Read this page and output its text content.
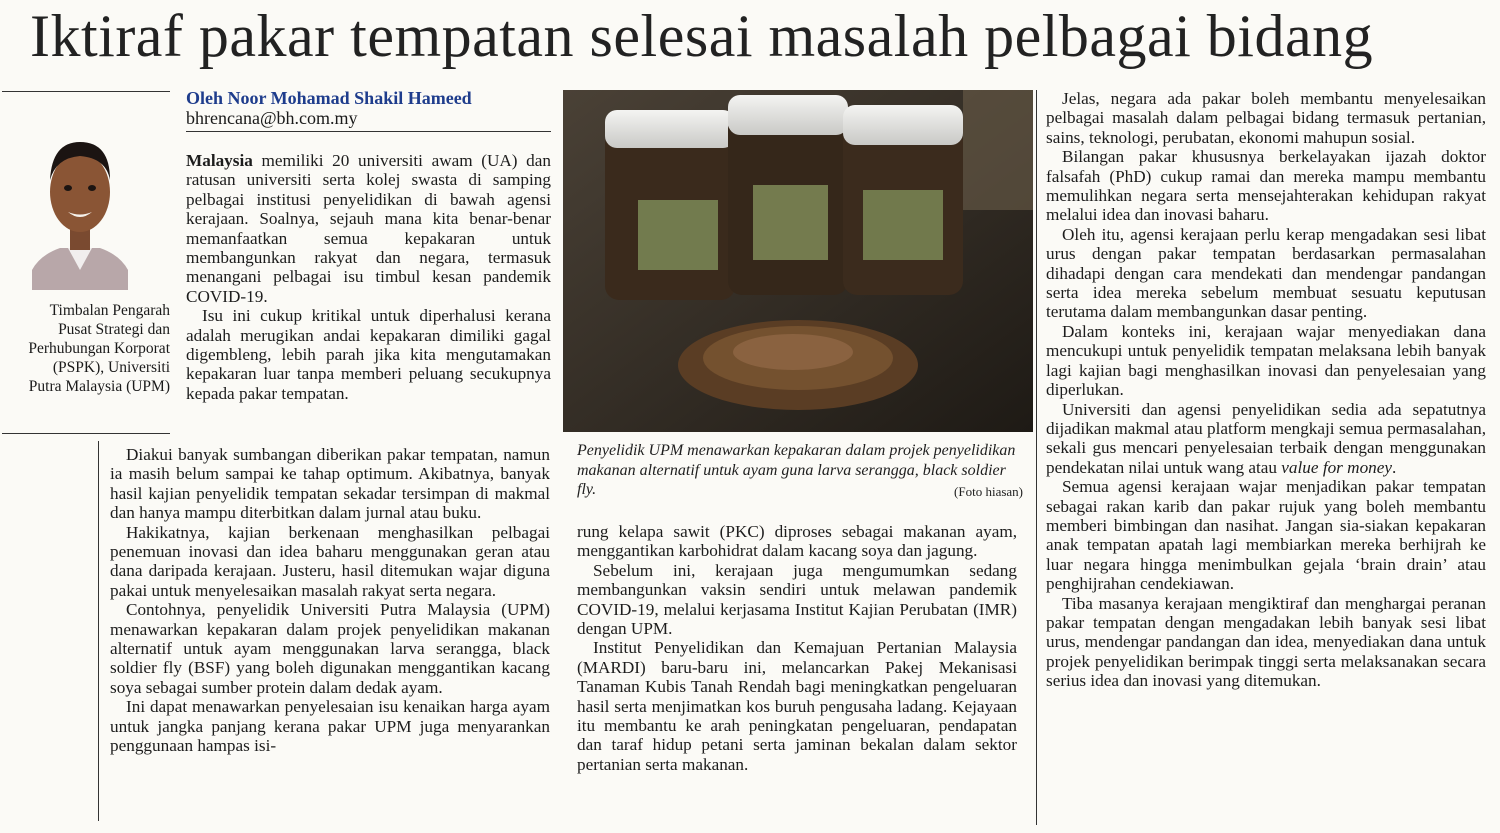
Iktiraf pakar tempatan selesai masalah pelbagai bidang
Oleh Noor Mohamad Shakil Hameed
bhrencana@bh.com.my
Timbalan Pengarah Pusat Strategi dan Perhubungan Korporat (PSPK), Universiti Putra Malaysia (UPM)

Malaysia memiliki 20 universiti awam (UA) dan ratusan universiti serta kolej swasta di samping pelbagai institusi penyelidikan di bawah agensi kerajaan. Soalnya, sejauh mana kita benar-benar memanfaatkan semua kepakaran untuk membangunkan rakyat dan negara, termasuk menangani pelbagai isu timbul kesan pandemik COVID-19.

Isu ini cukup kritikal untuk diperhalusi kerana adalah merugikan andai kepakaran dimiliki gagal digembleng, lebih parah jika kita mengutamakan kepakaran luar tanpa memberi peluang secukupnya kepada pakar tempatan.

Diakui banyak sumbangan diberikan pakar tempatan, namun ia masih belum sampai ke tahap optimum. Akibatnya, banyak hasil kajian penyelidik tempatan sekadar tersimpan di makmal dan hanya mampu diterbitkan dalam jurnal atau buku.

Hakikatnya, kajian berkenaan menghasilkan pelbagai penemuan inovasi dan idea baharu menggunakan geran atau dana daripada kerajaan. Justeru, hasil ditemukan wajar diguna pakai untuk menyelesaikan masalah rakyat serta negara.

Contohnya, penyelidik Universiti Putra Malaysia (UPM) menawarkan kepakaran dalam projek penyelidikan makanan alternatif untuk ayam menggunakan larva serangga, black soldier fly (BSF) yang boleh digunakan menggantikan kacang soya sebagai sumber protein dalam dedak ayam.

Ini dapat menawarkan penyelesaian isu kenaikan harga ayam untuk jangka panjang kerana pakar UPM juga menyarankan penggunaan hampas isi-

Penyelidik UPM menawarkan kepakaran dalam projek penyelidikan makanan alternatif untuk ayam guna larva serangga, black soldier fly.	(Foto hiasan)

rung kelapa sawit (PKC) diproses sebagai makanan ayam, menggantikan karbohidrat dalam kacang soya dan jagung.

Sebelum ini, kerajaan juga mengumumkan sedang membangunkan vaksin sendiri untuk melawan pandemik COVID-19, melalui kerjasama Institut Kajian Perubatan (IMR) dengan UPM.

Institut Penyelidikan dan Kemajuan Pertanian Malaysia (MARDI) baru-baru ini, melancarkan Pakej Mekanisasi Tanaman Kubis Tanah Rendah bagi meningkatkan pengeluaran hasil serta menjimatkan kos buruh pengusaha ladang. Kejayaan itu membantu ke arah peningkatan pengeluaran, pendapatan dan taraf hidup petani serta jaminan bekalan dalam sektor pertanian serta makanan.

Jelas, negara ada pakar boleh membantu menyelesaikan pelbagai masalah dalam pelbagai bidang termasuk pertanian, sains, teknologi, perubatan, ekonomi mahupun sosial.

Bilangan pakar khususnya berkelayakan ijazah doktor falsafah (PhD) cukup ramai dan mereka mampu membantu memulihkan negara serta mensejahterakan kehidupan rakyat melalui idea dan inovasi baharu.

Oleh itu, agensi kerajaan perlu kerap mengadakan sesi libat urus dengan pakar tempatan berdasarkan permasalahan dihadapi dengan cara mendekati dan mendengar pandangan serta idea mereka sebelum membuat sesuatu keputusan terutama dalam membangunkan dasar penting.

Dalam konteks ini, kerajaan wajar menyediakan dana mencukupi untuk penyelidik tempatan melaksana lebih banyak lagi kajian bagi menghasilkan inovasi dan penyelesaian yang diperlukan.

Universiti dan agensi penyelidikan sedia ada sepatutnya dijadikan makmal atau platform mengkaji semua permasalahan, sekali gus mencari penyelesaian terbaik dengan menggunakan pendekatan nilai untuk wang atau value for money.

Semua agensi kerajaan wajar menjadikan pakar tempatan sebagai rakan karib dan pakar rujuk yang boleh membantu memberi bimbingan dan nasihat. Jangan sia-siakan kepakaran anak tempatan apatah lagi membiarkan mereka berhijrah ke luar negara hingga menimbulkan gejala ‘brain drain’ atau penghijrahan cendekiawan.

Tiba masanya kerajaan mengiktiraf dan menghargai peranan pakar tempatan dengan mengadakan lebih banyak sesi libat urus, mendengar pandangan dan idea, menyediakan dana untuk projek penyelidikan berimpak tinggi serta melaksanakan secara serius idea dan inovasi yang ditemukan.
